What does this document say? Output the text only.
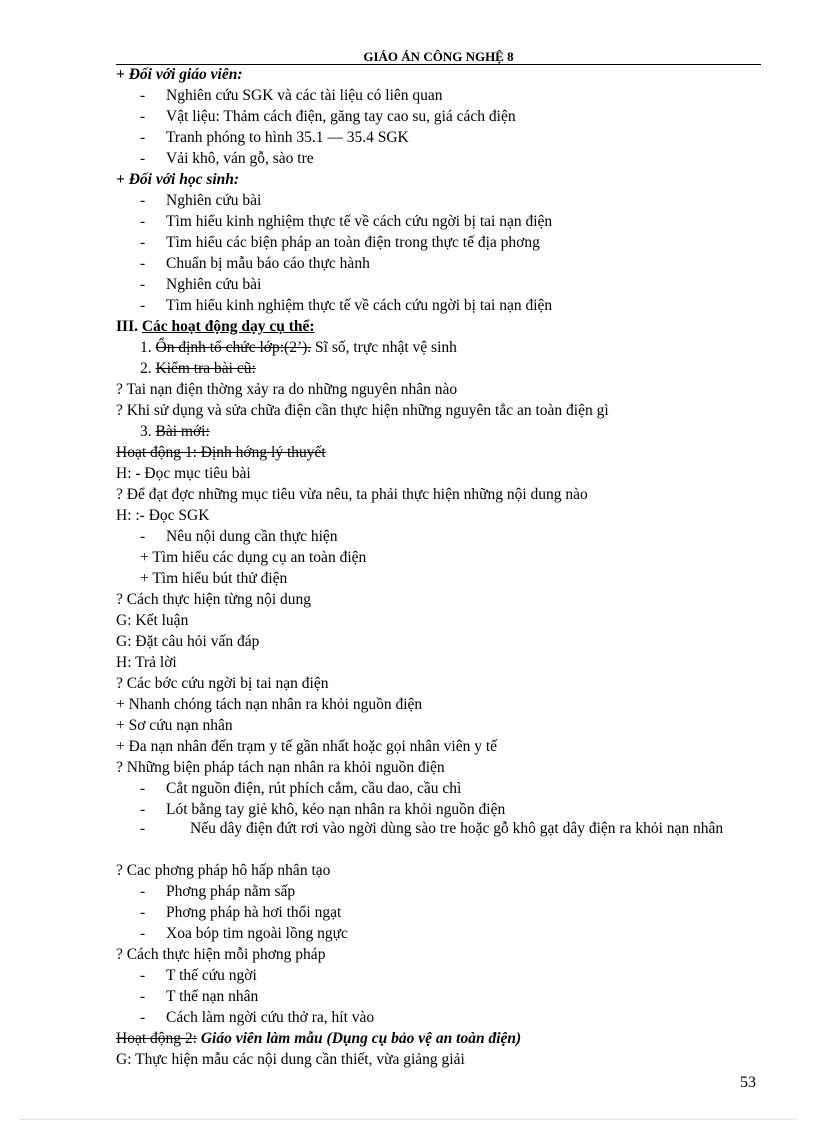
GIÁO ÁN CÔNG NGHỆ 8
+ Đối với giáo viên:
- Nghiên cứu SGK và các tài liệu có liên quan
- Vật liệu: Thảm cách điện, găng tay cao su, giá cách điện
- Tranh phóng to hình 35.1 — 35.4 SGK
- Vải khô, ván gỗ, sào tre
+ Đối với học sinh:
- Nghiên cứu bài
- Tìm hiểu kinh nghiệm thực tế về cách cứu ngời bị tai nạn điện
- Tìm hiểu các biện pháp an toàn điện trong thực tế địa phơng
- Chuẩn bị mẫu báo cáo thực hành
- Nghiên cứu bài
- Tìm hiểu kinh nghiệm thực tế về cách cứu ngời bị tai nạn điện
III. Các hoạt động dạy cụ thể:
1. Ổn định tổ chức lớp:(2’). Sĩ số, trực nhật vệ sinh
2. Kiểm tra bài cũ:
? Tai nạn điện thờng xảy ra do những nguyên nhân nào
? Khi sử dụng và sửa chữa điện cần thực hiện những nguyên tắc an toàn điện gì
3. Bài mới:
Hoạt động 1: Định hớng lý thuyết
H: - Đọc mục tiêu bài
? Để đạt đợc những mục tiêu vừa nêu, ta phải thực hiện những nội dung nào
H: :- Đọc SGK
- Nêu nội dung cần thực hiện
+ Tìm hiểu các dụng cụ an toàn điện
+ Tìm hiểu bút thử điện
? Cách thực hiện từng nội dung
G: Kết luận
G: Đặt câu hỏi vấn đáp
H: Trả lời
? Các bớc cứu ngời bị tai nạn điện
+ Nhanh chóng tách nạn nhân ra khỏi nguồn điện
+ Sơ cứu nạn nhân
+ Đa nạn nhân đến trạm y tế gần nhất hoặc gọi nhân viên y tế
? Những biện pháp tách nạn nhân ra khỏi nguồn điện
- Cắt nguồn điện, rút phích cắm, cầu dao, cầu chì
- Lót bằng tay giẻ khô, kéo nạn nhân ra khỏi nguồn điện
-	Nếu dây điện đứt rơi vào ngời dùng sào tre hoặc gỗ khô gạt dây điện ra khỏi nạn nhân
? Cac phơng pháp hô hấp nhân tạo
- Phơng pháp nằm sấp
- Phơng pháp hà hơi thổi ngạt
- Xoa bóp tim ngoài lồng ngực
? Cách thực hiện mỗi phơng pháp
- T thế cứu ngời
- T thế nạn nhân
- Cách làm ngời cứu thở ra, hít vào
Hoạt động 2: Giáo viên làm mẫu (Dụng cụ bảo vệ an toàn điện)
G: Thực hiện mẫu các nội dung cần thiết, vừa giảng giải
53
